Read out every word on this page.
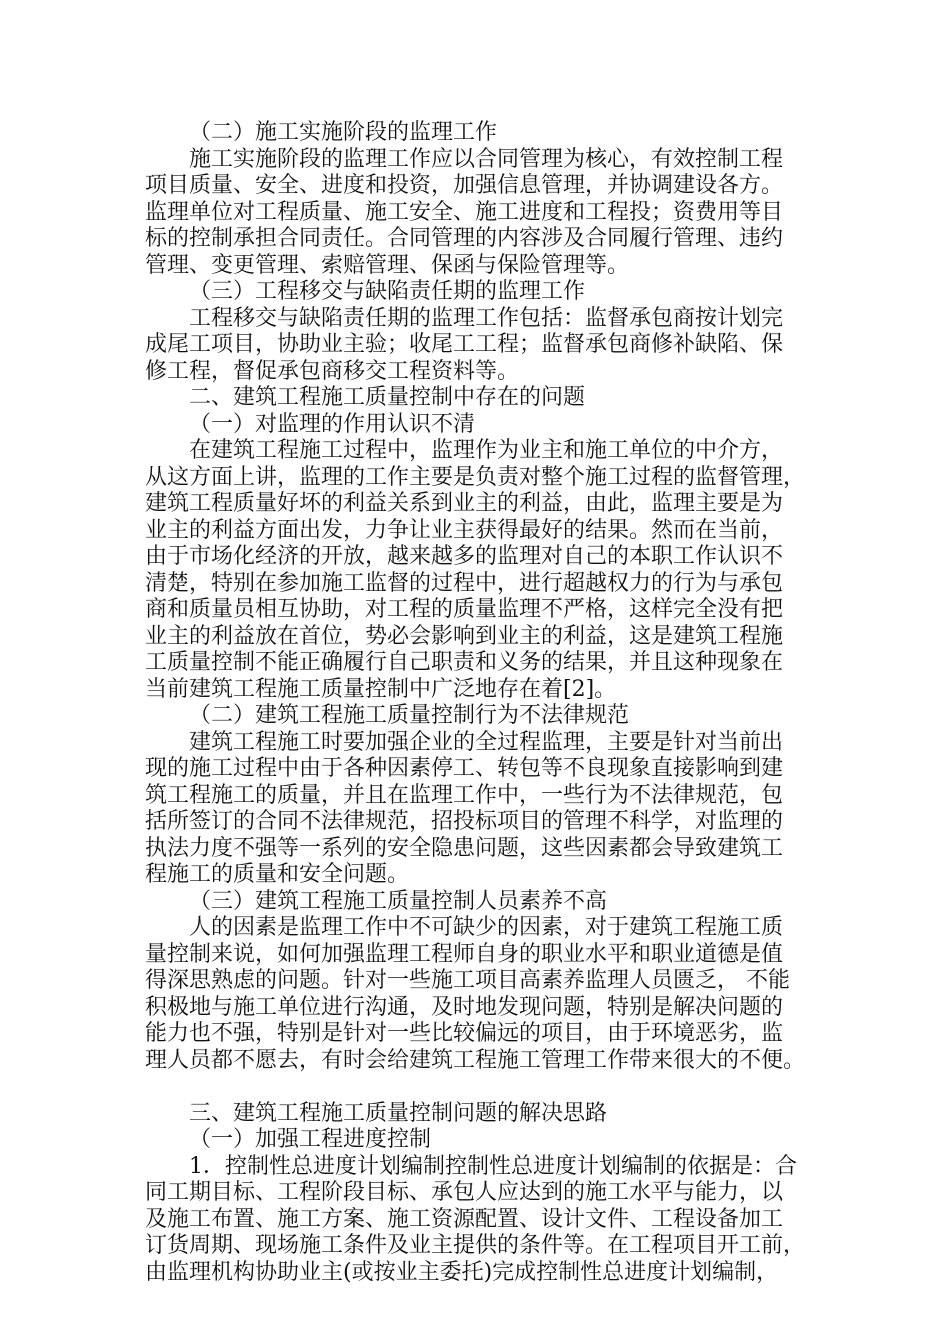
（二）施工实施阶段的监理工作
施工实施阶段的监理工作应以合同管理为核心，有效控制工程
项目质量、安全、进度和投资，加强信息管理，并协调建设各方。
监理单位对工程质量、施工安全、施工进度和工程投；资费用等目
标的控制承担合同责任。合同管理的内容涉及合同履行管理、违约
管理、变更管理、索赔管理、保函与保险管理等。
（三）工程移交与缺陷责任期的监理工作
工程移交与缺陷责任期的监理工作包括：监督承包商按计划完
成尾工项目，协助业主验；收尾工工程；监督承包商修补缺陷、保
修工程，督促承包商移交工程资料等。
二、建筑工程施工质量控制中存在的问题
（一）对监理的作用认识不清
在建筑工程施工过程中，监理作为业主和施工单位的中介方，
从这方面上讲，监理的工作主要是负责对整个施工过程的监督管理，
建筑工程质量好坏的利益关系到业主的利益，由此，监理主要是为
业主的利益方面出发，力争让业主获得最好的结果。然而在当前，
由于市场化经济的开放，越来越多的监理对自己的本职工作认识不
清楚，特别在参加施工监督的过程中，进行超越权力的行为与承包
商和质量员相互协助，对工程的质量监理不严格，这样完全没有把
业主的利益放在首位，势必会影响到业主的利益，这是建筑工程施
工质量控制不能正确履行自己职责和义务的结果，并且这种现象在
当前建筑工程施工质量控制中广泛地存在着[2]。
（二）建筑工程施工质量控制行为不法律规范
建筑工程施工时要加强企业的全过程监理，主要是针对当前出
现的施工过程中由于各种因素停工、转包等不良现象直接影响到建
筑工程施工的质量，并且在监理工作中，一些行为不法律规范，包
括所签订的合同不法律规范，招投标项目的管理不科学，对监理的
执法力度不强等一系列的安全隐患问题，这些因素都会导致建筑工
程施工的质量和安全问题。
（三）建筑工程施工质量控制人员素养不高
人的因素是监理工作中不可缺少的因素，对于建筑工程施工质
量控制来说，如何加强监理工程师自身的职业水平和职业道德是值
得深思熟虑的问题。针对一些施工项目高素养监理人员匮乏， 不能
积极地与施工单位进行沟通，及时地发现问题，特别是解决问题的
能力也不强，特别是针对一些比较偏远的项目，由于环境恶劣，监
理人员都不愿去，有时会给建筑工程施工管理工作带来很大的不便。
三、建筑工程施工质量控制问题的解决思路
（一）加强工程进度控制
1．控制性总进度计划编制控制性总进度计划编制的依据是：合
同工期目标、工程阶段目标、承包人应达到的施工水平与能力，以
及施工布置、施工方案、施工资源配置、设计文件、工程设备加工
订货周期、现场施工条件及业主提供的条件等。在工程项目开工前，
由监理机构协助业主(或按业主委托)完成控制性总进度计划编制，
